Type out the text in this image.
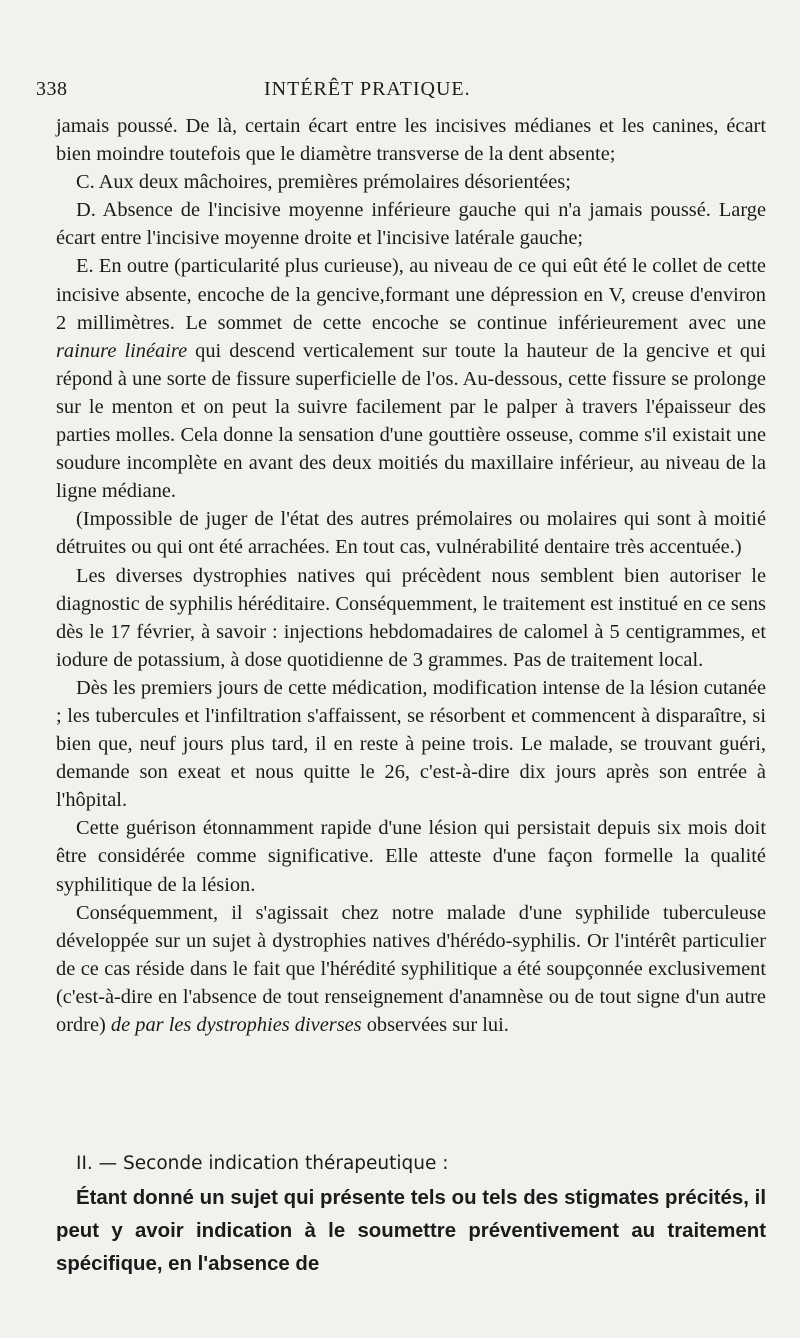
338	INTÉRÊT PRATIQUE.

jamais poussé. De là, certain écart entre les incisives médianes et les canines, écart bien moindre toutefois que le diamètre transverse de la dent absente;

C. Aux deux mâchoires, premières prémolaires désorientées;

D. Absence de l'incisive moyenne inférieure gauche qui n'a jamais poussé. Large écart entre l'incisive moyenne droite et l'incisive latérale gauche;

E. En outre (particularité plus curieuse), au niveau de ce qui eût été le collet de cette incisive absente, encoche de la gencive,formant une dépression en V, creuse d'environ 2 millimètres. Le sommet de cette encoche se continue inférieurement avec une rainure linéaire qui descend verticalement sur toute la hauteur de la gencive et qui répond à une sorte de fissure superficielle de l'os. Au-dessous, cette fissure se prolonge sur le menton et on peut la suivre facilement par le palper à travers l'épaisseur des parties molles. Cela donne la sensation d'une gouttière osseuse, comme s'il existait une soudure incomplète en avant des deux moitiés du maxillaire inférieur, au niveau de la ligne médiane.

(Impossible de juger de l'état des autres prémolaires ou molaires qui sont à moitié détruites ou qui ont été arrachées. En tout cas, vulnérabilité dentaire très accentuée.)

Les diverses dystrophies natives qui précèdent nous semblent bien autoriser le diagnostic de syphilis héréditaire. Conséquemment, le traitement est institué en ce sens dès le 17 février, à savoir : injections hebdomadaires de calomel à 5 centigrammes, et iodure de potassium, à dose quotidienne de 3 grammes. Pas de traitement local.

Dès les premiers jours de cette médication, modification intense de la lésion cutanée ; les tubercules et l'infiltration s'affaissent, se résorbent et commencent à disparaître, si bien que, neuf jours plus tard, il en reste à peine trois. Le malade, se trouvant guéri, demande son exeat et nous quitte le 26, c'est-à-dire dix jours après son entrée à l'hôpital.

Cette guérison étonnamment rapide d'une lésion qui persistait depuis six mois doit être considérée comme significative. Elle atteste d'une façon formelle la qualité syphilitique de la lésion.

Conséquemment, il s'agissait chez notre malade d'une syphilide tuberculeuse développée sur un sujet à dystrophies natives d'hérédo-syphilis. Or l'intérêt particulier de ce cas réside dans le fait que l'hérédité syphilitique a été soupçonnée exclusivement (c'est-à-dire en l'absence de tout renseignement d'anamnèse ou de tout signe d'un autre ordre) de par les dystrophies diverses observées sur lui.

II. — Seconde indication thérapeutique :
Étant donné un sujet qui présente tels ou tels des stigmates précités, il peut y avoir indication à le soumettre préventivement au traitement spécifique, en l'absence de
